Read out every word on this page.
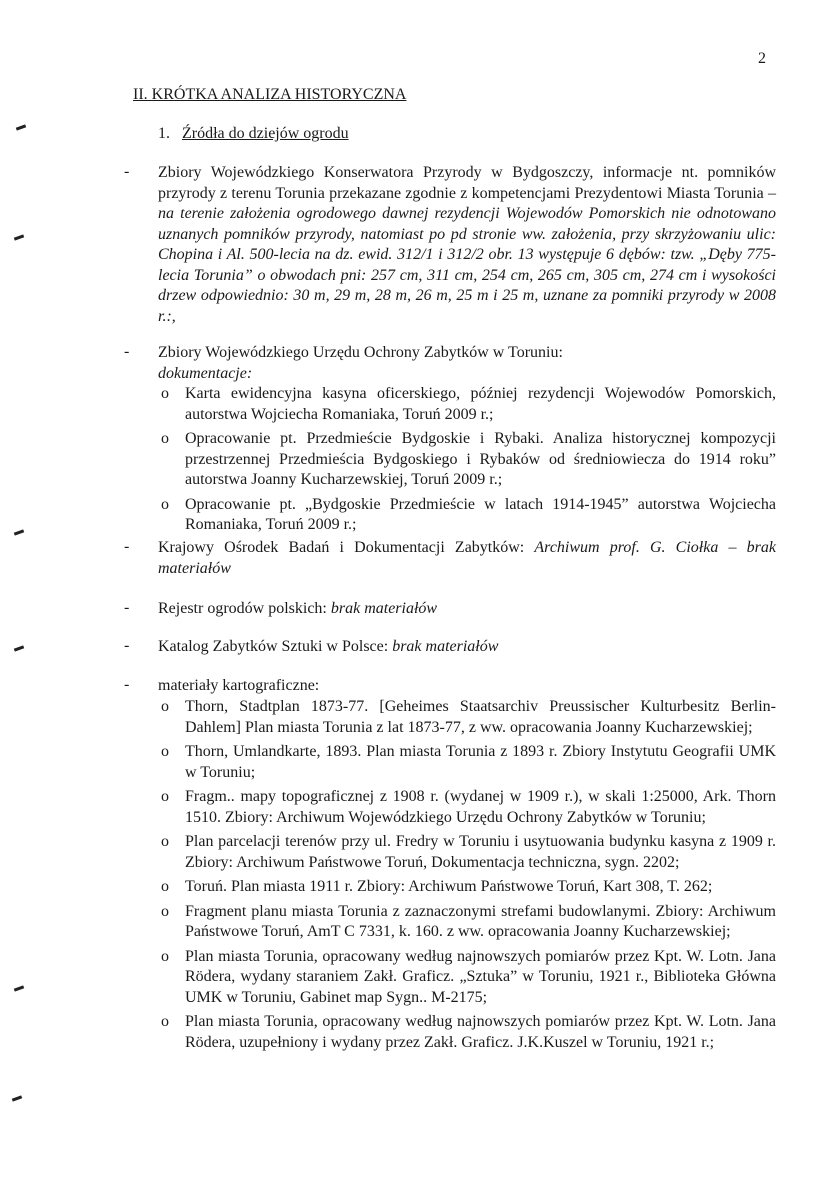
2
II. KRÓTKA ANALIZA HISTORYCZNA
1. Źródła do dziejów ogrodu
- Zbiory Wojewódzkiego Konserwatora Przyrody w Bydgoszczy, informacje nt. pomników przyrody z terenu Torunia przekazane zgodnie z kompetencjami Prezydentowi Miasta Torunia – na terenie założenia ogrodowego dawnej rezydencji Wojewodów Pomorskich nie odnotowano uznanych pomników przyrody, natomiast po pd stronie ww. założenia, przy skrzyżowaniu ulic: Chopina i Al. 500-lecia na dz. ewid. 312/1 i 312/2 obr. 13 występuje 6 dębów: tzw. „Dęby 775-lecia Torunia” o obwodach pni: 257 cm, 311 cm, 254 cm, 265 cm, 305 cm, 274 cm i wysokości drzew odpowiednio: 30 m, 29 m, 28 m, 26 m, 25 m i 25 m, uznane za pomniki przyrody w 2008 r.:,
- Zbiory Wojewódzkiego Urzędu Ochrony Zabytków w Toruniu:
dokumentacje:
o Karta ewidencyjna kasyna oficerskiego, później rezydencji Wojewodów Pomorskich, autorstwa Wojciecha Romaniaka, Toruń 2009 r.;
o Opracowanie pt. Przedmieście Bydgoskie i Rybaki. Analiza historycznej kompozycji przestrzennej Przedmieścia Bydgoskiego i Rybaków od średniowiecza do 1914 roku” autorstwa Joanny Kucharzewskiej, Toruń 2009 r.;
o Opracowanie pt. „Bydgoskie Przedmieście w latach 1914-1945” autorstwa Wojciecha Romaniaka, Toruń 2009 r.;
- Krajowy Ośrodek Badań i Dokumentacji Zabytków: Archiwum prof. G. Ciołka – brak materiałów
- Rejestr ogrodów polskich: brak materiałów
- Katalog Zabytków Sztuki w Polsce: brak materiałów
- materiały kartograficzne:
o Thorn, Stadtplan 1873-77. [Geheimes Staatsarchiv Preussischer Kulturbesitz Berlin-Dahlem] Plan miasta Torunia z lat 1873-77, z ww. opracowania Joanny Kucharzewskiej;
o Thorn, Umlandkarte, 1893. Plan miasta Torunia z 1893 r. Zbiory Instytutu Geografii UMK w Toruniu;
o Fragm.. mapy topograficznej z 1908 r. (wydanej w 1909 r.), w skali 1:25000, Ark. Thorn 1510. Zbiory: Archiwum Wojewódzkiego Urzędu Ochrony Zabytków w Toruniu;
o Plan parcelacji terenów przy ul. Fredry w Toruniu i usytuowania budynku kasyna z 1909 r. Zbiory: Archiwum Państwowe Toruń, Dokumentacja techniczna, sygn. 2202;
o Toruń. Plan miasta 1911 r. Zbiory: Archiwum Państwowe Toruń, Kart 308, T. 262;
o Fragment planu miasta Torunia z zaznaczonymi strefami budowlanymi. Zbiory: Archiwum Państwowe Toruń, AmT C 7331, k. 160. z ww. opracowania Joanny Kucharzewskiej;
o Plan miasta Torunia, opracowany według najnowszych pomiarów przez Kpt. W. Lotn. Jana Rödera, wydany staraniem Zakł. Graficz. „Sztuka” w Toruniu, 1921 r., Biblioteka Główna UMK w Toruniu, Gabinet map Sygn.. M-2175;
o Plan miasta Torunia, opracowany według najnowszych pomiarów przez Kpt. W. Lotn. Jana Rödera, uzupełniony i wydany przez Zakł. Graficz. J.K.Kuszel w Toruniu, 1921 r.;
